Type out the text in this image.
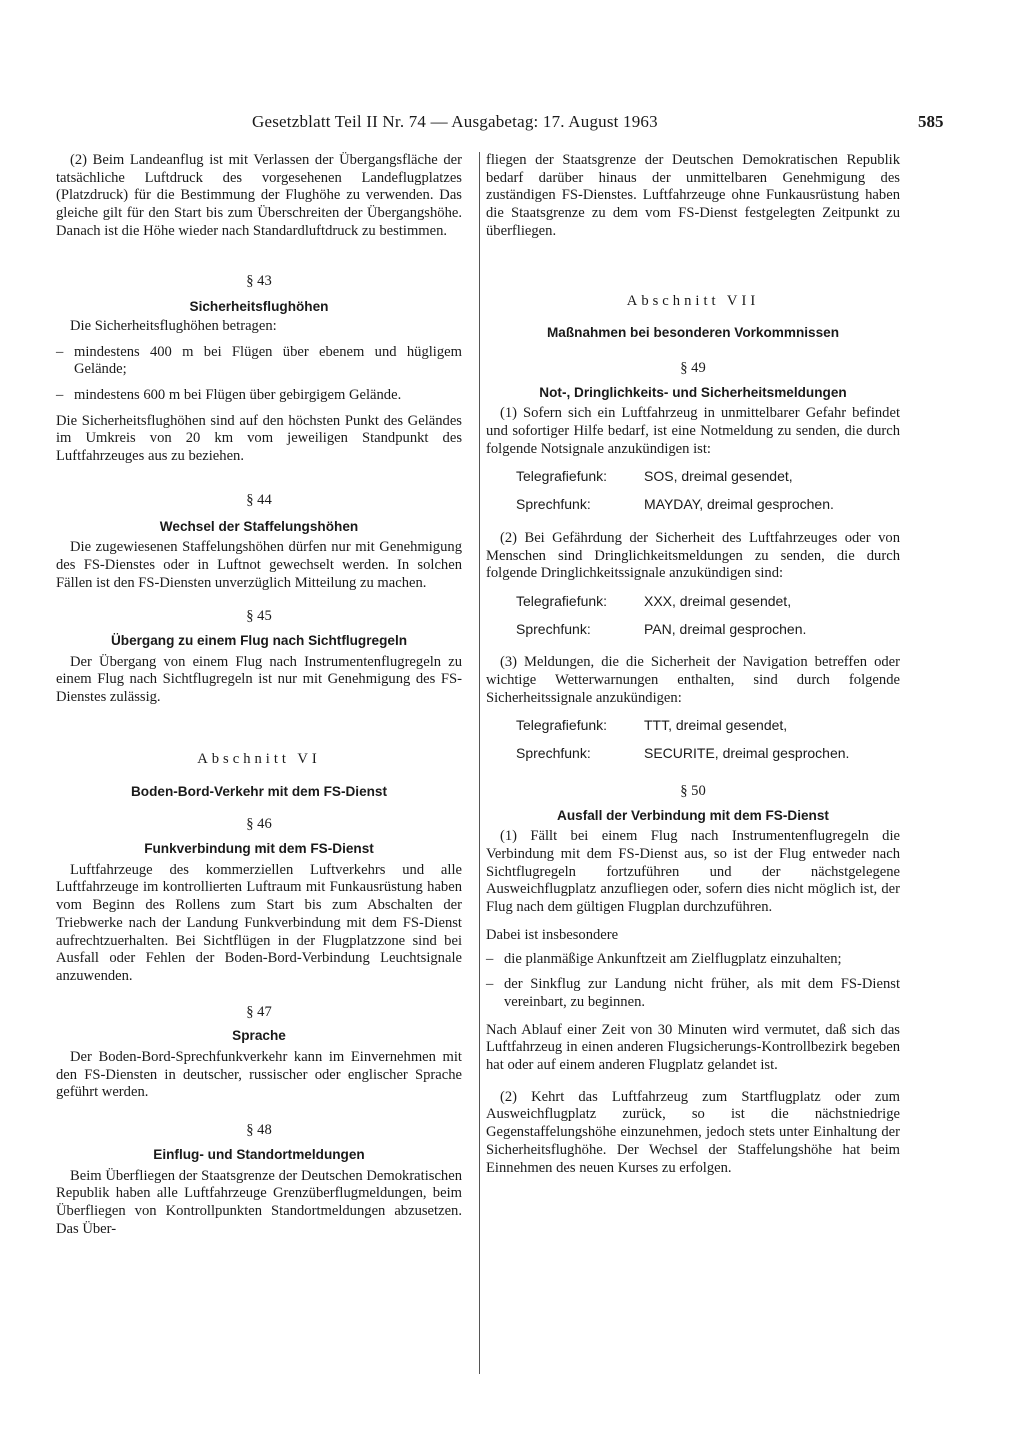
Gesetzblatt Teil II Nr. 74 — Ausgabetag: 17. August 1963	585

(2) Beim Landeanflug ist mit Verlassen der Übergangsfläche der tatsächliche Luftdruck des vorgesehenen Landeflugplatzes (Platzdruck) für die Bestimmung der Flughöhe zu verwenden. Das gleiche gilt für den Start bis zum Überschreiten der Übergangshöhe. Danach ist die Höhe wieder nach Standardluftdruck zu bestimmen.

§ 43

Sicherheitsflughöhen

Die Sicherheitsflughöhen betragen:

– mindestens 400 m bei Flügen über ebenem und hügligem Gelände;
– mindestens 600 m bei Flügen über gebirgigem Gelände.

Die Sicherheitsflughöhen sind auf den höchsten Punkt des Geländes im Umkreis von 20 km vom jeweiligen Standpunkt des Luftfahrzeuges aus zu beziehen.

§ 44

Wechsel der Staffelungshöhen

Die zugewiesenen Staffelungshöhen dürfen nur mit Genehmigung des FS-Dienstes oder in Luftnot gewechselt werden. In solchen Fällen ist den FS-Diensten unverzüglich Mitteilung zu machen.

§ 45

Übergang zu einem Flug nach Sichtflugregeln

Der Übergang von einem Flug nach Instrumentenflugregeln zu einem Flug nach Sichtflugregeln ist nur mit Genehmigung des FS-Dienstes zulässig.

Abschnitt VI

Boden-Bord-Verkehr mit dem FS-Dienst

§ 46

Funkverbindung mit dem FS-Dienst

Luftfahrzeuge des kommerziellen Luftverkehrs und alle Luftfahrzeuge im kontrollierten Luftraum mit Funkausrüstung haben vom Beginn des Rollens zum Start bis zum Abschalten der Triebwerke nach der Landung Funkverbindung mit dem FS-Dienst aufrechtzuerhalten. Bei Sichtflügen in der Flugplatzzone sind bei Ausfall oder Fehlen der Boden-Bord-Verbindung Leuchtsignale anzuwenden.

§ 47

Sprache

Der Boden-Bord-Sprechfunkverkehr kann im Einvernehmen mit den FS-Diensten in deutscher, russischer oder englischer Sprache geführt werden.

§ 48

Einflug- und Standortmeldungen

Beim Überfliegen der Staatsgrenze der Deutschen Demokratischen Republik haben alle Luftfahrzeuge Grenzüberflugmeldungen, beim Überfliegen von Kontrollpunkten Standortmeldungen abzusetzen. Das Über-

fliegen der Staatsgrenze der Deutschen Demokratischen Republik bedarf darüber hinaus der unmittelbaren Genehmigung des zuständigen FS-Dienstes. Luftfahrzeuge ohne Funkausrüstung haben die Staatsgrenze zu dem vom FS-Dienst festgelegten Zeitpunkt zu überfliegen.

Abschnitt VII

Maßnahmen bei besonderen Vorkommnissen

§ 49

Not-, Dringlichkeits- und Sicherheitsmeldungen

(1) Sofern sich ein Luftfahrzeug in unmittelbarer Gefahr befindet und sofortiger Hilfe bedarf, ist eine Notmeldung zu senden, die durch folgende Notsignale anzukündigen ist:

Telegrafiefunk:	SOS, dreimal gesendet,
Sprechfunk:	MAYDAY, dreimal gesprochen.

(2) Bei Gefährdung der Sicherheit des Luftfahrzeuges oder von Menschen sind Dringlichkeitsmeldungen zu senden, die durch folgende Dringlichkeitssignale anzukündigen sind:

Telegrafiefunk:	XXX, dreimal gesendet,
Sprechfunk:	PAN, dreimal gesprochen.

(3) Meldungen, die die Sicherheit der Navigation betreffen oder wichtige Wetterwarnungen enthalten, sind durch folgende Sicherheitssignale anzukündigen:

Telegrafiefunk:	TTT, dreimal gesendet,
Sprechfunk:	SECURITE, dreimal gesprochen.

§ 50

Ausfall der Verbindung mit dem FS-Dienst

(1) Fällt bei einem Flug nach Instrumentenflugregeln die Verbindung mit dem FS-Dienst aus, so ist der Flug entweder nach Sichtflugregeln fortzuführen und der nächstgelegene Ausweichflugplatz anzufliegen oder, sofern dies nicht möglich ist, der Flug nach dem gültigen Flugplan durchzuführen.

Dabei ist insbesondere

– die planmäßige Ankunftzeit am Zielflugplatz einzuhalten;
– der Sinkflug zur Landung nicht früher, als mit dem FS-Dienst vereinbart, zu beginnen.

Nach Ablauf einer Zeit von 30 Minuten wird vermutet, daß sich das Luftfahrzeug in einen anderen Flugsicherungs-Kontrollbezirk begeben hat oder auf einem anderen Flugplatz gelandet ist.

(2) Kehrt das Luftfahrzeug zum Startflugplatz oder zum Ausweichflugplatz zurück, so ist die nächstniedrige Gegenstaffelungshöhe einzunehmen, jedoch stets unter Einhaltung der Sicherheitsflughöhe. Der Wechsel der Staffelungshöhe hat beim Einnehmen des neuen Kurses zu erfolgen.
